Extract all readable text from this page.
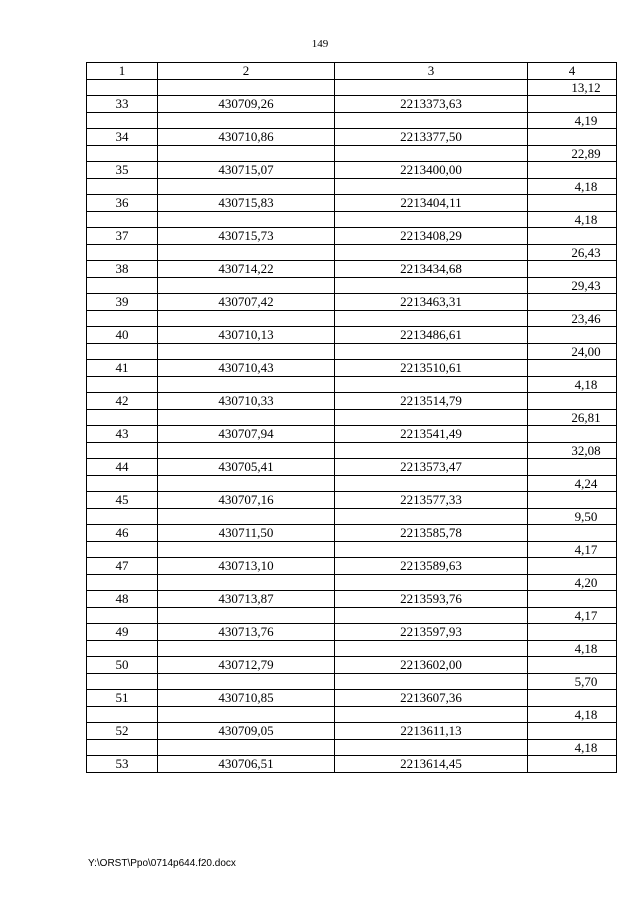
149
1	2	3	4
			13,12
33	430709,26	2213373,63	
			4,19
34	430710,86	2213377,50	
			22,89
35	430715,07	2213400,00	
			4,18
36	430715,83	2213404,11	
			4,18
37	430715,73	2213408,29	
			26,43
38	430714,22	2213434,68	
			29,43
39	430707,42	2213463,31	
			23,46
40	430710,13	2213486,61	
			24,00
41	430710,43	2213510,61	
			4,18
42	430710,33	2213514,79	
			26,81
43	430707,94	2213541,49	
			32,08
44	430705,41	2213573,47	
			4,24
45	430707,16	2213577,33	
			9,50
46	430711,50	2213585,78	
			4,17
47	430713,10	2213589,63	
			4,20
48	430713,87	2213593,76	
			4,17
49	430713,76	2213597,93	
			4,18
50	430712,79	2213602,00	
			5,70
51	430710,85	2213607,36	
			4,18
52	430709,05	2213611,13	
			4,18
53	430706,51	2213614,45	
Y:\ORST\Ppo\0714p644.f20.docx
